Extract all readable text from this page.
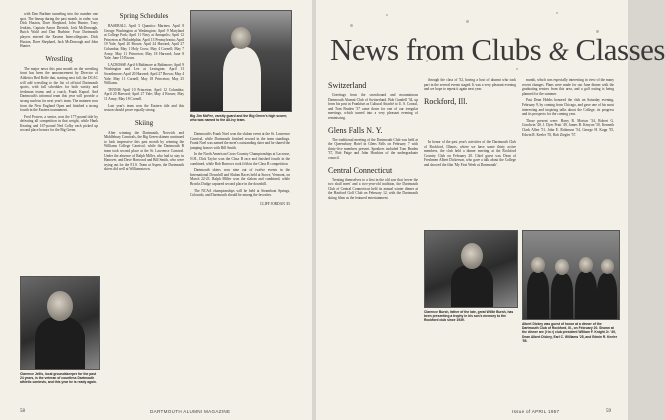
with Dan Burbine tunneling into the number one spot. The lineup during the past month, in order, was Dick Huston, Dave Shephard, John Hunter, Tony Jenkins, Captain Aaron Dietrich, Jack McDonough, Butch Wald and Dan Burbine. Four Dartmouth players entered the Eastern Intercollegiates. Dick Huston, Dave Shephard, Jack McDonough and John Hunter.

Wrestling

The major news this past month on the wrestling front has been the announcement by Director of Athletics Red Rolfe that, starting next fall, the DCAC will add wrestling to the list of official Dartmouth sports, with full schedules for both varsity and freshman teams and a coach, Frank Kapral. And Dartmouth's informal team this year will provide a strong nucleus for next year's team. The matmen won from the New England Open and finished a strong fourth in the Eastern tournament.

Fred Powers, a senior, won the 177-pound title by defeating all competition in that weight, while Hank Keating and 167-pound Ned Colby each picked up second place honors for the Big Green.

Clarence Jellis, local groundskeeper for the past 24 years, is the veteran of countless Dartmouth athletic contests, and this year he is ready again.
Spring Schedules

BASEBALL April 5 Quantico Marines; April 8 George Washington at Washington; April 9 Maryland at College Park; April 11 Navy at Annapolis; April 12 Princeton at Philadelphia; April 13 Pennsylvania; April 19 Yale; April 20 Brown; April 24 Harvard; April 27 Columbia; May 1 Holy Cross; May 4 Cornell; May 7 Army; May 11 Princeton; May 18 Harvard; June 8 Yale; June 15 Brown.

LACROSSE April 6 Baltimore at Baltimore; April 9 Washington and Lee at Lexington; April 13 Swarthmore; April 20 Harvard; April 27 Brown; May 4 Yale; May 11 Cornell; May 18 Princeton; May 25 Williams.

TENNIS April 10 Princeton; April 12 Columbia; April 20 Harvard; April 27 Yale; May 4 Brown; May 11 Army; May 18 Cornell.

Last year's team won the Eastern title and this season should prove equally strong.

Skiing

After winning the Dartmouth, Norwich and Middlebury Carnivals, the Big Green skimen continued to look impressive this past month by winning the Williams College Carnival, while the Dartmouth B team took second place at the St. Lawrence Carnival. Under the absence of Ralph Miller, who had to stay in Hanover, and Dave Harwood and Bill Smith, who were trying out for the F.I.S. Team at Aspen, the Dartmouth skiers did well at Williamstown.

Big Jim McFee, varsity guard and the Big Green's high scorer, who was named to the All-Ivy team.

Dartmouth's Frank Noel won the slalom event at the St. Lawrence Carnival, while Dartmouth finished second in the team standings. Frank Noel was named the meet's outstanding skier and he shared the jumping honors with Bill Smith.

In the North American Cross-Country Championships at Lacrosse, N.H., Dick Taylor won the Class B race and finished fourth in the combined, while Bob Burrows took fifth in the Class B competition.

Dartmouth skiers won nine out of twelve events in the International Downhill and Slalom Races held at Stowe, Vermont, on March 22-23. Ralph Miller won the slalom and combined, while Brooks Dodge captured second place in the downhill.

The NCAA championships will be held at Steamboat Springs, Colorado, and Dartmouth should be among the favorites.

CLIFF JORDAN '45

58	DARTMOUTH ALUMNI MAGAZINE
News from Clubs & Classes
Switzerland

Greetings from the snowbound and mountainous Dartmouth Alumni Club of Switzerland. Bob Gundell '34, up from his post in Frankfurt as Cultural Attaché to U. S. Consul, and Tom Braden '37 came down for one of our irregular meetings, which turned into a very pleasant evening of reminiscing.

Glens Falls N. Y.

The traditional meeting of the Dartmouth Club was held at the Queensbury Hotel in Glens Falls on February 7 with thirty-five members present. Speakers included Tom Braden '37, Bob Paige and John Hawkins of the undergraduate council.

Central Connecticut

Treating themselves to a first in the old saw that 'never the two shall meet' and a two-year-old tradition, the Dartmouth Club of Central Connecticut held its annual winter dinner at the Hartford Golf Club on February 12, with the Dartmouth skiing films as the featured entertainment.

through the class of '52, having a host of alumni who took part in the several events staged. It was a very pleasant evening and we hope to repeat it again next year.

Rockford, Ill.

In honor of the past year's activities of the Dartmouth Club of Rockford, Illinois, where we have some thirty active members, the club held a dinner meeting at the Rockford Country Club on February 20. Chief guest was Dean of Freshmen Albert Dickerson, who gave a talk about the College and showed the film 'My First Week at Dartmouth'.

month, which was especially interesting in view of the many recent changes. Plans were made for our June dinner with the graduating seniors from this area, and a golf outing is being planned for the summer.

Past Dean Hobbs honored the club on Saturday evening, February 9, by coming from Chicago, and gave one of his most interesting and inspiring talks about the College, its progress and its prospects for the coming year.

Those present were: Harry R. Morton '34, Robert G. Goodwin '40, J. Dyer Pratt '49, James B. Kenyon '50, Kenneth Clark Allen '51, John E. Robinson '54, George H. Kopp '55, Edwin R. Keeler '55, Bob Ziegler '57.

Clarence Bursh, father of the late, great Willie Bursh, has been presenting a trophy in his son's memory to the Rockford club since 1939.
Albert Dickey was guest of honor at a dinner of the Dartmouth Club of Rockford, Ill., on February 20. Shown at the dinner are (l to r) club president William F. Knight Jr. '49, Dean Albert Dickey, Earl C. Williams '25, and Edwin R. Keeler '55.
Issue of APRIL 1957	59
